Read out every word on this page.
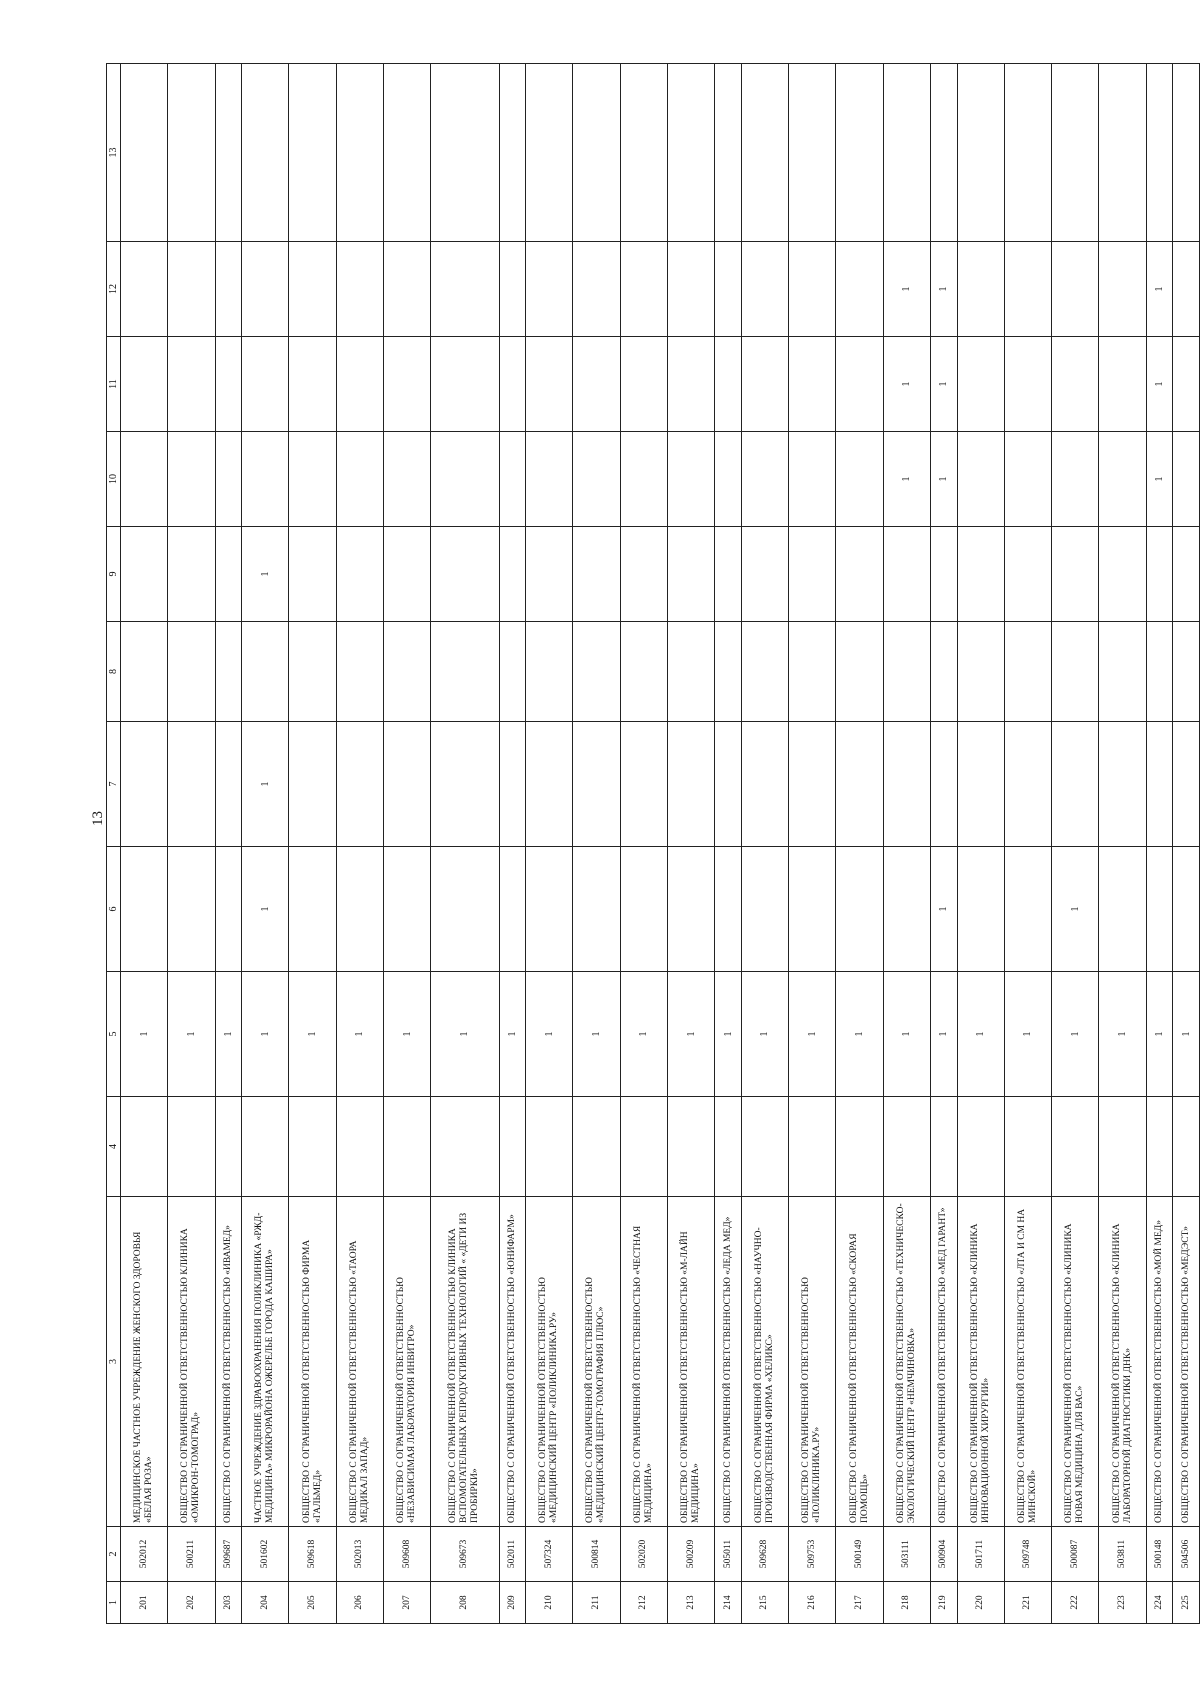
13
1	2	3	4	5	6	7	8	9	10	11	12	13
201	502012	МЕДИЦИНСКОЕ ЧАСТНОЕ УЧРЕЖДЕНИЕ ЖЕНСКОГО ЗДОРОВЬЯ «БЕЛАЯ РОЗА»		1								
202	500211	ОБЩЕСТВО С ОГРАНИЧЕННОЙ ОТВЕТСТВЕННОСТЬЮ КЛИНИКА «ОМИКРОН-ТОМОГРАД»		1								
203	509687	ОБЩЕСТВО С ОГРАНИЧЕННОЙ ОТВЕТСТВЕННОСТЬЮ «ИВАМЕД»		1								
204	501602	ЧАСТНОЕ УЧРЕЖДЕНИЕ ЗДРАВООХРАНЕНИЯ ПОЛИКЛИНИКА «РЖД-МЕДИЦИНА» МИКРОРАЙОНА ОЖЕРЕЛЬЕ ГОРОДА КАШИРА»		1	1	1		1				
205	509618	ОБЩЕСТВО С ОГРАНИЧЕННОЙ ОТВЕТСТВЕННОСТЬЮ ФИРМА «ГАЛЬМЕД»		1								
206	502013	ОБЩЕСТВО С ОГРАНИЧЕННОЙ ОТВЕТСТВЕННОСТЬЮ «ТАОРА МЕДИКАЛ ЗАПАД»		1								
207	509608	ОБЩЕСТВО С ОГРАНИЧЕННОЙ ОТВЕТСТВЕННОСТЬЮ «НЕЗАВИСИМАЯ ЛАБОРАТОРИЯ ИНВИТРО»		1								
208	509673	ОБЩЕСТВО С ОГРАНИЧЕННОЙ ОТВЕТСТВЕННОСТЬЮ КЛИНИКА ВСПОМОГАТЕЛЬНЫХ РЕПРОДУКТИВНЫХ ТЕХНОЛОГИЙ « «ДЕТИ ИЗ ПРОБИРКИ»		1								
209	502011	ОБЩЕСТВО С ОГРАНИЧЕННОЙ ОТВЕТСТВЕННОСТЬЮ «ЮНИФАРМ»		1								
210	507324	ОБЩЕСТВО С ОГРАНИЧЕННОЙ ОТВЕТСТВЕННОСТЬЮ «МЕДИЦИНСКИЙ ЦЕНТР «ПОЛИКЛИНИКА.РУ»		1								
211	500814	ОБЩЕСТВО С ОГРАНИЧЕННОЙ ОТВЕТСТВЕННОСТЬЮ «МЕДИЦИНСКИЙ ЦЕНТР-ТОМОГРАФИЯ ПЛЮС»		1								
212	502020	ОБЩЕСТВО С ОГРАНИЧЕННОЙ ОТВЕТСТВЕННОСТЬЮ «ЧЕСТНАЯ МЕДИЦИНА»		1								
213	500209	ОБЩЕСТВО С ОГРАНИЧЕННОЙ ОТВЕТСТВЕННОСТЬЮ «М-ЛАЙН МЕДИЦИНА»		1								
214	505011	ОБЩЕСТВО С ОГРАНИЧЕННОЙ ОТВЕТСТВЕННОСТЬЮ «ЛЕДА МЕД»		1								
215	509628	ОБЩЕСТВО С ОГРАНИЧЕННОЙ ОТВЕТСТВЕННОСТЬЮ «НАУЧНО-ПРОИЗВОДСТВЕННАЯ ФИРМА «ХЕЛИКС»		1								
216	509753	ОБЩЕСТВО С ОГРАНИЧЕННОЙ ОТВЕТСТВЕННОСТЬЮ «ПОЛИКЛИНИКА.РУ»		1								
217	500149	ОБЩЕСТВО С ОГРАНИЧЕННОЙ ОТВЕТСТВЕННОСТЬЮ «СКОРАЯ ПОМОЩЬ»		1								
218	503111	ОБЩЕСТВО С ОГРАНИЧЕННОЙ ОТВЕТСТВЕННОСТЬЮ «ТЕХНИЧЕСКО-ЭКОЛОГИЧЕСКИЙ ЦЕНТР «НЕМЧИНОВКА»		1					1	1	1	
219	500904	ОБЩЕСТВО С ОГРАНИЧЕННОЙ ОТВЕТСТВЕННОСТЬЮ «МЕД ГАРАНТ»		1	1				1	1	1	
220	501711	ОБЩЕСТВО С ОГРАНИЧЕННОЙ ОТВЕТСТВЕННОСТЬЮ «КЛИНИКА ИННОВАЦИОННОЙ ХИРУРГИИ»		1								
221	509748	ОБЩЕСТВО С ОГРАНИЧЕННОЙ ОТВЕТСТВЕННОСТЬЮ «ЛТА И СМ НА МИНСКОЙ»		1								
222	500087	ОБЩЕСТВО С ОГРАНИЧЕННОЙ ОТВЕТСТВЕННОСТЬЮ «КЛИНИКА НОВАЯ МЕДИЦИНА ДЛЯ ВАС»		1	1							
223	503811	ОБЩЕСТВО С ОГРАНИЧЕННОЙ ОТВЕТСТВЕННОСТЬЮ «КЛИНИКА ЛАБОРАТОРНОЙ ДИАГНОСТИКИ ДНК»		1								
224	500148	ОБЩЕСТВО С ОГРАНИЧЕННОЙ ОТВЕТСТВЕННОСТЬЮ «МОЙ МЕД»		1					1	1	1	
225	504506	ОБЩЕСТВО С ОГРАНИЧЕННОЙ ОТВЕТСТВЕННОСТЬЮ «МЕДЭСТ»		1								
